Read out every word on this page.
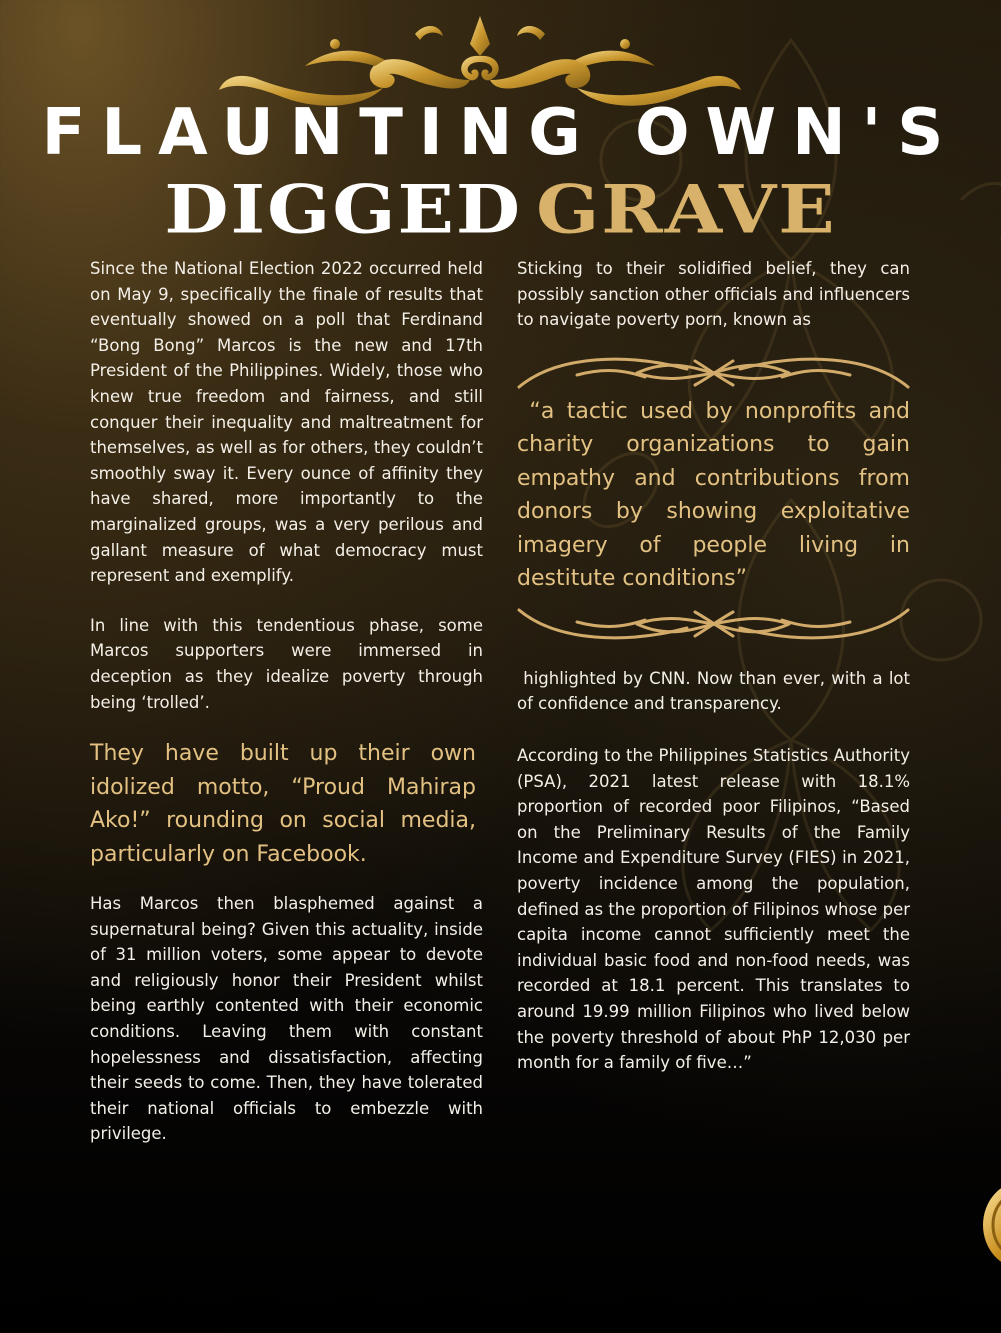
FLAUNTING OWN'S
DIGGED GRAVE

Since the National Election 2022 occurred held on May 9, specifically the finale of results that eventually showed on a poll that Ferdinand “Bong Bong” Marcos is the new and 17th President of the Philippines. Widely, those who knew true freedom and fairness, and still conquer their inequality and maltreatment for themselves, as well as for others, they couldn’t smoothly sway it. Every ounce of affinity they have shared, more importantly to the marginalized groups, was a very perilous and gallant measure of what democracy must represent and exemplify.

In line with this tendentious phase, some Marcos supporters were immersed in deception as they idealize poverty through being ‘trolled’.

They have built up their own idolized motto, “Proud Mahirap Ako!” rounding on social media, particularly on Facebook.

Has Marcos then blasphemed against a supernatural being? Given this actuality, inside of 31 million voters, some appear to devote and religiously honor their President whilst being earthly contented with their economic conditions. Leaving them with constant hopelessness and dissatisfaction, affecting their seeds to come. Then, they have tolerated their national officials to embezzle with privilege.

Sticking to their solidified belief, they can possibly sanction other officials and influencers to navigate poverty porn, known as

“a tactic used by nonprofits and charity organizations to gain empathy and contributions from donors by showing exploitative imagery of people living in destitute conditions”

highlighted by CNN. Now than ever, with a lot of confidence and transparency.

According to the Philippines Statistics Authority (PSA), 2021 latest release with 18.1% proportion of recorded poor Filipinos, “Based on the Preliminary Results of the Family Income and Expenditure Survey (FIES) in 2021, poverty incidence among the population, defined as the proportion of Filipinos whose per capita income cannot sufficiently meet the individual basic food and non-food needs, was recorded at 18.1 percent. This translates to around 19.99 million Filipinos who lived below the poverty threshold of about PhP 12,030 per month for a family of five…”
